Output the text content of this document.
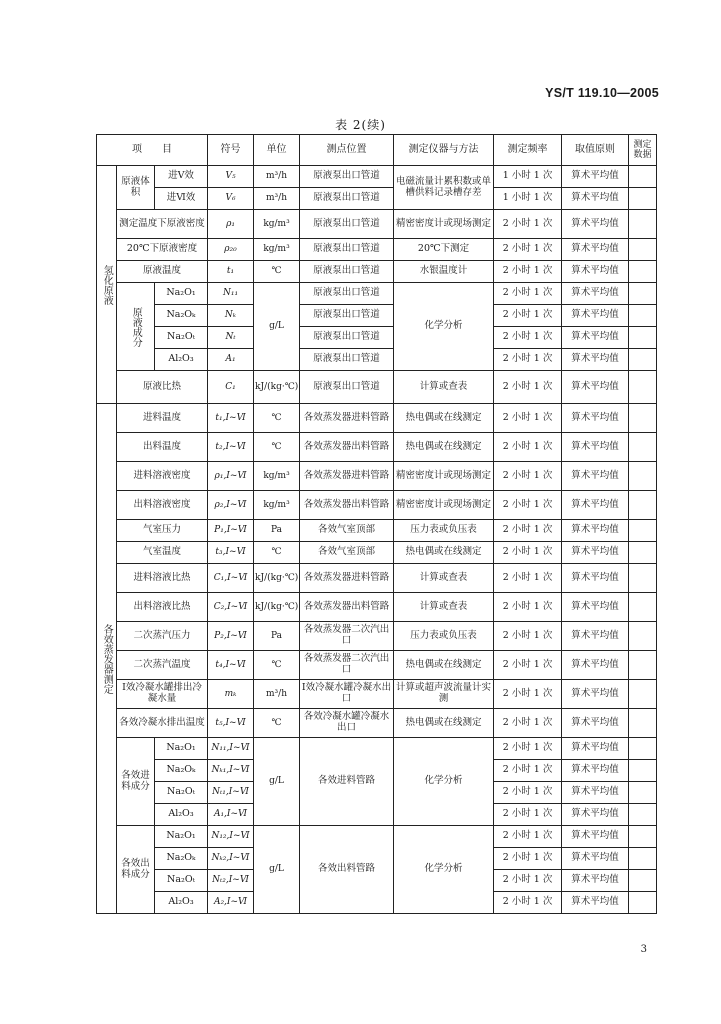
YS/T 119.10—2005
表 2(续)
项　　目			符号	单位	测点位置	测定仪器与方法	测定频率	取值原则	测定数据
氢化原液	原液体积	进Ⅴ效	V₅	m³/h	原液泵出口管道	电磁流量计累积数或单槽供料记录槽存差	1 小时 1 次	算术平均值	
		进Ⅵ效	V₆	m³/h	原液泵出口管道		1 小时 1 次	算术平均值	
	测定温度下原液密度		ρ₁	kg/m³	原液泵出口管道	精密密度计或现场测定	2 小时 1 次	算术平均值	
	20℃下原液密度		ρ₂₀	kg/m³	原液泵出口管道	20℃下测定	2 小时 1 次	算术平均值	
	原液温度		t₁	℃	原液泵出口管道	水银温度计	2 小时 1 次	算术平均值	
	原液成分	Na₂O₁	N₁₁	g/L	原液泵出口管道	化学分析	2 小时 1 次	算术平均值	
		Na₂Oₖ	Nₖ		原液泵出口管道		2 小时 1 次	算术平均值	
		Na₂Oₜ	Nₜ		原液泵出口管道		2 小时 1 次	算术平均值	
		Al₂O₃	A₁		原液泵出口管道		2 小时 1 次	算术平均值	
	原液比热		C₁	kJ/(kg·℃)	原液泵出口管道	计算或查表	2 小时 1 次	算术平均值	
各效蒸发器测定	进料温度		t₁,Ⅰ~Ⅵ	℃	各效蒸发器进料管路	热电偶或在线测定	2 小时 1 次	算术平均值	
	出料温度		t₂,Ⅰ~Ⅵ	℃	各效蒸发器出料管路	热电偶或在线测定	2 小时 1 次	算术平均值	
	进料溶液密度		ρ₁,Ⅰ~Ⅵ	kg/m³	各效蒸发器进料管路	精密密度计或现场测定	2 小时 1 次	算术平均值	
	出料溶液密度		ρ₂,Ⅰ~Ⅵ	kg/m³	各效蒸发器出料管路	精密密度计或现场测定	2 小时 1 次	算术平均值	
	气室压力		P₁,Ⅰ~Ⅵ	Pa	各效气室顶部	压力表或负压表	2 小时 1 次	算术平均值	
	气室温度		t₃,Ⅰ~Ⅵ	℃	各效气室顶部	热电偶或在线测定	2 小时 1 次	算术平均值	
	进料溶液比热		C₁,Ⅰ~Ⅵ	kJ/(kg·℃)	各效蒸发器进料管路	计算或查表	2 小时 1 次	算术平均值	
	出料溶液比热		C₂,Ⅰ~Ⅵ	kJ/(kg·℃)	各效蒸发器出料管路	计算或查表	2 小时 1 次	算术平均值	
	二次蒸汽压力		P₂,Ⅰ~Ⅵ	Pa	各效蒸发器二次汽出口	压力表或负压表	2 小时 1 次	算术平均值	
	二次蒸汽温度		t₄,Ⅰ~Ⅵ	℃	各效蒸发器二次汽出口	热电偶或在线测定	2 小时 1 次	算术平均值	
	Ⅰ效冷凝水罐排出冷凝水量		mₖ	m³/h	Ⅰ效冷凝水罐冷凝水出口	计算或超声波流量计实测	2 小时 1 次	算术平均值	
	各效冷凝水排出温度		t₅,Ⅰ~Ⅵ	℃	各效冷凝水罐冷凝水出口	热电偶或在线测定	2 小时 1 次	算术平均值	
	各效进料成分	Na₂O₁	N₁₁,Ⅰ~Ⅵ	g/L	各效进料管路	化学分析	2 小时 1 次	算术平均值	
		Na₂Oₖ	Nₖ₁,Ⅰ~Ⅵ				2 小时 1 次	算术平均值	
		Na₂Oₜ	Nₜ₁,Ⅰ~Ⅵ				2 小时 1 次	算术平均值	
		Al₂O₃	A₁,Ⅰ~Ⅵ				2 小时 1 次	算术平均值	
	各效出料成分	Na₂O₁	N₁₂,Ⅰ~Ⅵ	g/L	各效出料管路	化学分析	2 小时 1 次	算术平均值	
		Na₂Oₖ	Nₖ₂,Ⅰ~Ⅵ				2 小时 1 次	算术平均值	
		Na₂Oₜ	Nₜ₂,Ⅰ~Ⅵ				2 小时 1 次	算术平均值	
		Al₂O₃	A₂,Ⅰ~Ⅵ				2 小时 1 次	算术平均值	
3
